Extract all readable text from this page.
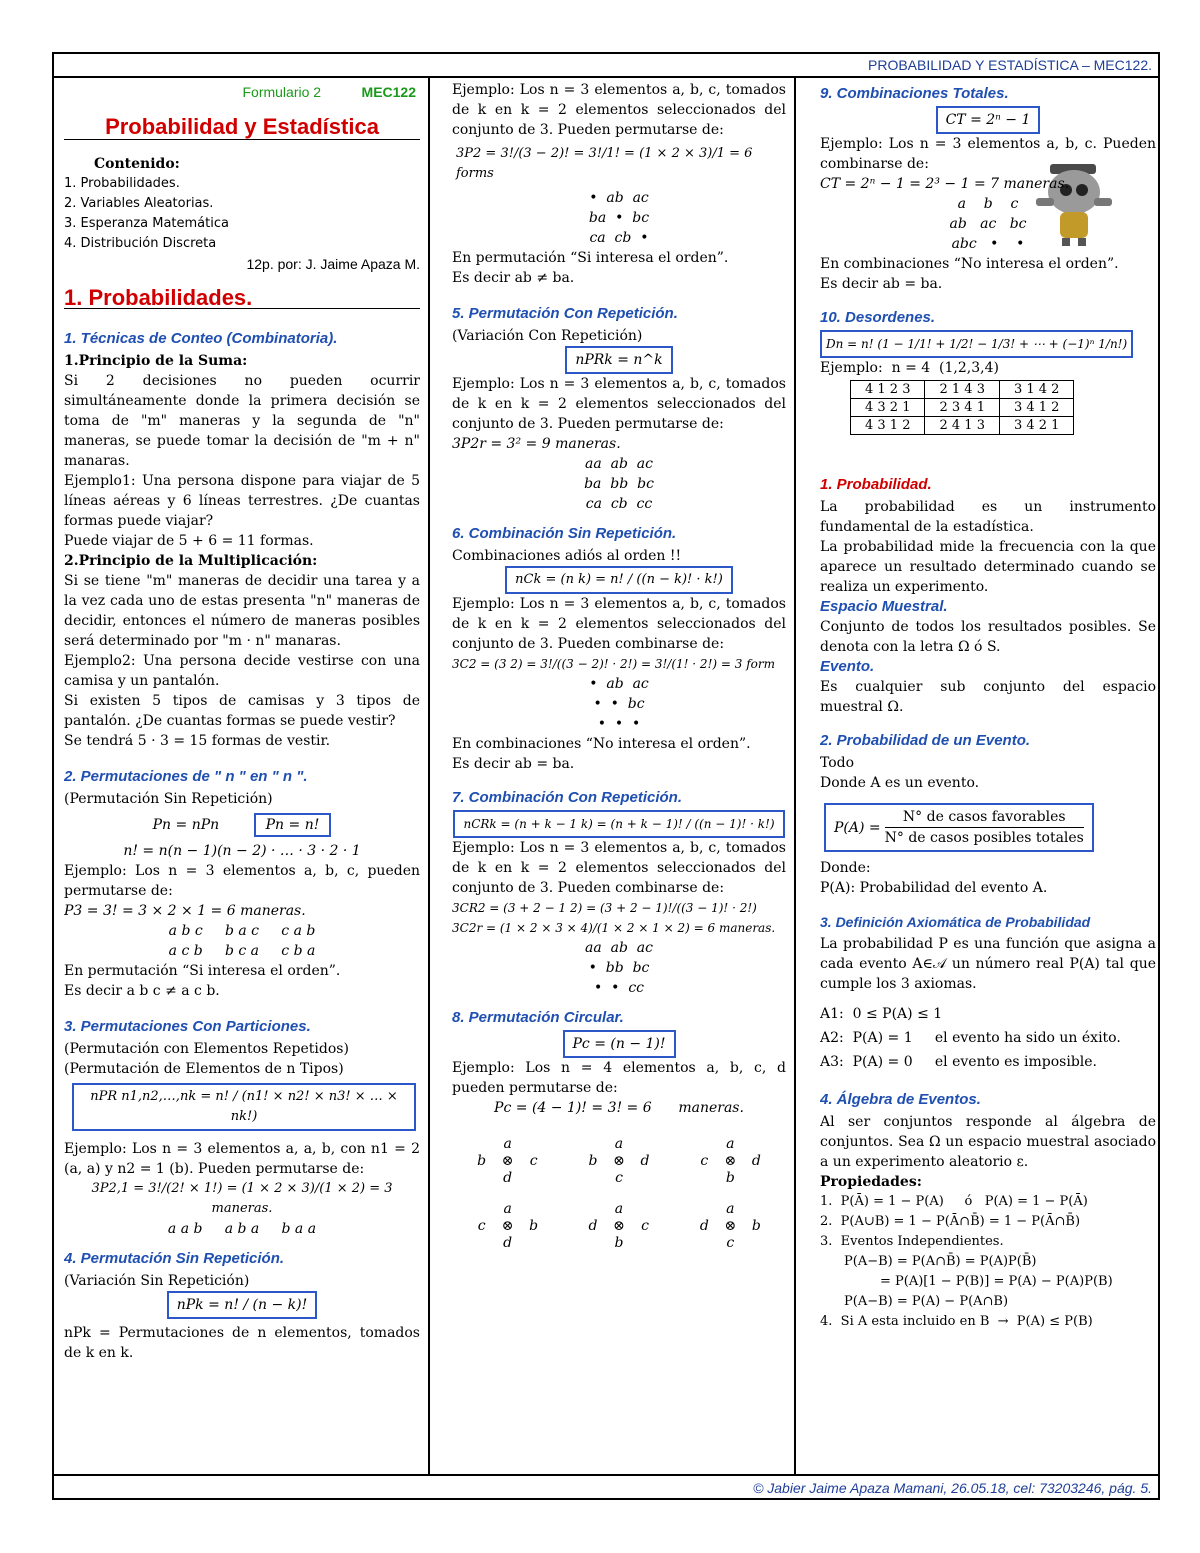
PROBABILIDAD Y ESTADÍSTICA – MEC122.
Formulario 2	MEC122
Probabilidad y Estadística
Contenido:
1. Probabilidades.
2. Variables Aleatorias.
3. Esperanza Matemática
4. Distribución Discreta
12p. por: J. Jaime Apaza M.
1. Probabilidades.
1. Técnicas de Conteo (Combinatoria).
1.Principio de la Suma:
Si 2 decisiones no pueden ocurrir simultáneamente donde la primera decisión se toma de "m" maneras y la segunda de "n" maneras, se puede tomar la decisión de "m + n" manaras.
Ejemplo1: Una persona dispone para viajar de 5 líneas aéreas y 6 líneas terrestres. ¿De cuantas formas puede viajar?
Puede viajar de 5 + 6 = 11 formas.
2.Principio de la Multiplicación:
Si se tiene "m" maneras de decidir una tarea y a la vez cada uno de estas presenta "n" maneras de decidir, entonces el número de maneras posibles será determinado por "m · n" manaras.
Ejemplo2: Una persona decide vestirse con una camisa y un pantalón.
Si existen 5 tipos de camisas y 3 tipos de pantalón. ¿De cuantas formas se puede vestir?
Se tendrá 5 · 3 = 15 formas de vestir.
2. Permutaciones de " n " en " n ".
(Permutación Sin Repetición)
Pn = nPn	Pn = n!
n! = n(n − 1)(n − 2) · … · 3 · 2 · 1
Ejemplo: Los n = 3 elementos a, b, c, pueden permutarse de:
P3 = 3! = 3 × 2 × 1 = 6 maneras.
a b c     b a c     c a b
a c b     b c a     c b a
En permutación “Si interesa el orden”.
Es decir a b c ≠ a c b.
3. Permutaciones Con Particiones.
(Permutación con Elementos Repetidos)
(Permutación de Elementos de n Tipos)
nPR n1,n2,…,nk = n! / (n1! × n2! × n3! × … × nk!)
Ejemplo: Los n = 3 elementos a, a, b, con n1 = 2 (a, a) y n2 = 1 (b). Pueden permutarse de:
3P2,1 = 3!/(2! × 1!) = (1 × 2 × 3)/(1 × 2) = 3 maneras.
a a b     a b a     b a a
4. Permutación Sin Repetición.
(Variación Sin Repetición)
nPk = n! / (n − k)!
nPk = Permutaciones de n elementos, tomados de k en k.
Ejemplo: Los n = 3 elementos a, b, c, tomados de k en k = 2 elementos seleccionados del conjunto de 3. Pueden permutarse de:
3P2 = 3!/(3 − 2)! = 3!/1! = (1 × 2 × 3)/1 = 6 forms
•  ab  ac
ba  •  bc
ca  cb  •
En permutación “Si interesa el orden”.
Es decir ab ≠ ba.
5. Permutación Con Repetición.
(Variación Con Repetición)
nPRk = n^k
Ejemplo: Los n = 3 elementos a, b, c, tomados de k en k = 2 elementos seleccionados del conjunto de 3. Pueden permutarse de:
3P2r = 3² = 9 maneras.
aa  ab  ac
ba  bb  bc
ca  cb  cc
6. Combinación Sin Repetición.
Combinaciones adiós al orden !!
nCk = (n k) = n! / ((n − k)! · k!)
Ejemplo: Los n = 3 elementos a, b, c, tomados de k en k = 2 elementos seleccionados del conjunto de 3. Pueden combinarse de:
3C2 = (3 2) = 3!/((3 − 2)! · 2!) = 3!/(1! · 2!) = 3 form
•  ab  ac
•  •  bc
•  •  •
En combinaciones “No interesa el orden”.
Es decir ab = ba.
7. Combinación Con Repetición.
nCRk = (n + k − 1 k) = (n + k − 1)! / ((n − 1)! · k!)
Ejemplo: Los n = 3 elementos a, b, c, tomados de k en k = 2 elementos seleccionados del conjunto de 3. Pueden combinarse de:
3CR2 = (3 + 2 − 1 2) = (3 + 2 − 1)!/((3 − 1)! · 2!)
3C2r = (1 × 2 × 3 × 4)/(1 × 2 × 1 × 2) = 6 maneras.
aa  ab  ac
•  bb  bc
•  •  cc
8. Permutación Circular.
Pc = (n − 1)!
Ejemplo: Los n = 4 elementos a, b, c, d pueden permutarse de:
Pc = (4 − 1)! = 3! = 6      maneras.
a
b	⊗	c
d
a
b	⊗	d
c
a
c	⊗	d
b
a
c	⊗	b
d
a
d	⊗	c
b
a
d	⊗	b
c
9. Combinaciones Totales.
CT = 2ⁿ − 1
Ejemplo: Los n = 3 elementos a, b, c. Pueden combinarse de:
CT = 2ⁿ − 1 = 2³ − 1 = 7 maneras.
a    b    c
ab   ac   bc
abc   •    •
En combinaciones “No interesa el orden”.
Es decir ab = ba.
10. Desordenes.
Dn = n! (1 − 1/1! + 1/2! − 1/3! + ⋯ + (−1)ⁿ 1/n!)
Ejemplo:  n = 4  (1,2,3,4)
4 1 2 3	2 1 4 3	3 1 4 2
4 3 2 1	2 3 4 1	3 4 1 2
4 3 1 2	2 4 1 3	3 4 2 1
1. Probabilidad.
La probabilidad es un instrumento fundamental de la estadística.
La probabilidad mide la frecuencia con la que aparece un resultado determinado cuando se realiza un experimento.
Espacio Muestral.
Conjunto de todos los resultados posibles. Se denota con la letra Ω ó S.
Evento.
Es cualquier sub conjunto del espacio muestral Ω.
2. Probabilidad de un Evento.
Todo
Donde A es un evento.
P(A) =
N° de casos favorables
N° de casos posibles totales
Donde:
P(A): Probabilidad del evento A.
3. Definición Axiomática de Probabilidad
La probabilidad P es una función que asigna a cada evento A∈𝒜 un número real P(A) tal que cumple los 3 axiomas.
A1:  0 ≤ P(A) ≤ 1
A2:  P(A) = 1     el evento ha sido un éxito.
A3:  P(A) = 0     el evento es imposible.
4. Álgebra de Eventos.
Al ser conjuntos responde al álgebra de conjuntos. Sea Ω un espacio muestral asociado a un experimento aleatorio ε.
Propiedades:
1.  P(Ā) = 1 − P(A)     ó   P(A) = 1 − P(Ā)
2.  P(A∪B) = 1 − P(Ā∩B̄) = 1 − P(Ā∩B̄)
3.  Eventos Independientes.
P(A−B) = P(A∩B̄) = P(A)P(B̄)
= P(A)[1 − P(B)] = P(A) − P(A)P(B)
P(A−B) = P(A) − P(A∩B)
4.  Si A esta incluido en B  →  P(A) ≤ P(B)
© Jabier Jaime Apaza Mamani, 26.05.18, cel: 73203246, pág. 5.
